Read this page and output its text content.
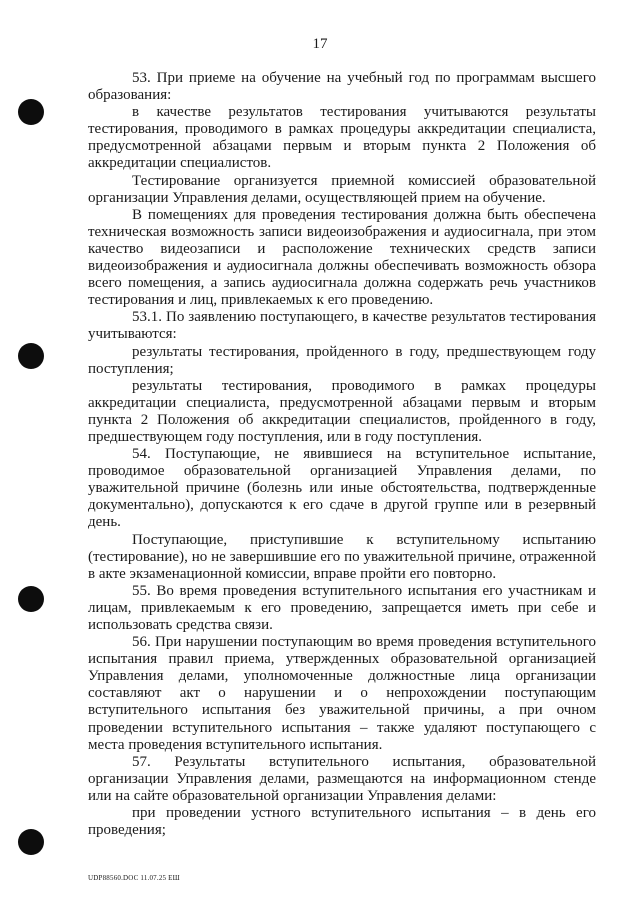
17

53. При приеме на обучение на учебный год по программам высшего образования:

в качестве результатов тестирования учитываются результаты тестирования, проводимого в рамках процедуры аккредитации специалиста, предусмотренной абзацами первым и вторым пункта 2 Положения об аккредитации специалистов.

Тестирование организуется приемной комиссией образовательной организации Управления делами, осуществляющей прием на обучение.

В помещениях для проведения тестирования должна быть обеспечена техническая возможность записи видеоизображения и аудиосигнала, при этом качество видеозаписи и расположение технических средств записи видеоизображения и аудиосигнала должны обеспечивать возможность обзора всего помещения, а запись аудиосигнала должна содержать речь участников тестирования и лиц, привлекаемых к его проведению.

53.1. По заявлению поступающего, в качестве результатов тестирования учитываются:

результаты тестирования, пройденного в году, предшествующем году поступления;

результаты тестирования, проводимого в рамках процедуры аккредитации специалиста, предусмотренной абзацами первым и вторым пункта 2 Положения об аккредитации специалистов, пройденного в году, предшествующем году поступления, или в году поступления.

54. Поступающие, не явившиеся на вступительное испытание, проводимое образовательной организацией Управления делами, по уважительной причине (болезнь или иные обстоятельства, подтвержденные документально), допускаются к его сдаче в другой группе или в резервный день.

Поступающие, приступившие к вступительному испытанию (тестирование), но не завершившие его по уважительной причине, отраженной в акте экзаменационной комиссии, вправе пройти его повторно.

55. Во время проведения вступительного испытания его участникам и лицам, привлекаемым к его проведению, запрещается иметь при себе и использовать средства связи.

56. При нарушении поступающим во время проведения вступительного испытания правил приема, утвержденных образовательной организацией Управления делами, уполномоченные должностные лица организации составляют акт о нарушении и о непрохождении поступающим вступительного испытания без уважительной причины, а при очном проведении вступительного испытания – также удаляют поступающего с места проведения вступительного испытания.

57. Результаты вступительного испытания, образовательной организации Управления делами, размещаются на информационном стенде или на сайте образовательной организации Управления делами:

при проведении устного вступительного испытания – в день его проведения;

UDP88560.DOC 11.07.25 ЕШ
